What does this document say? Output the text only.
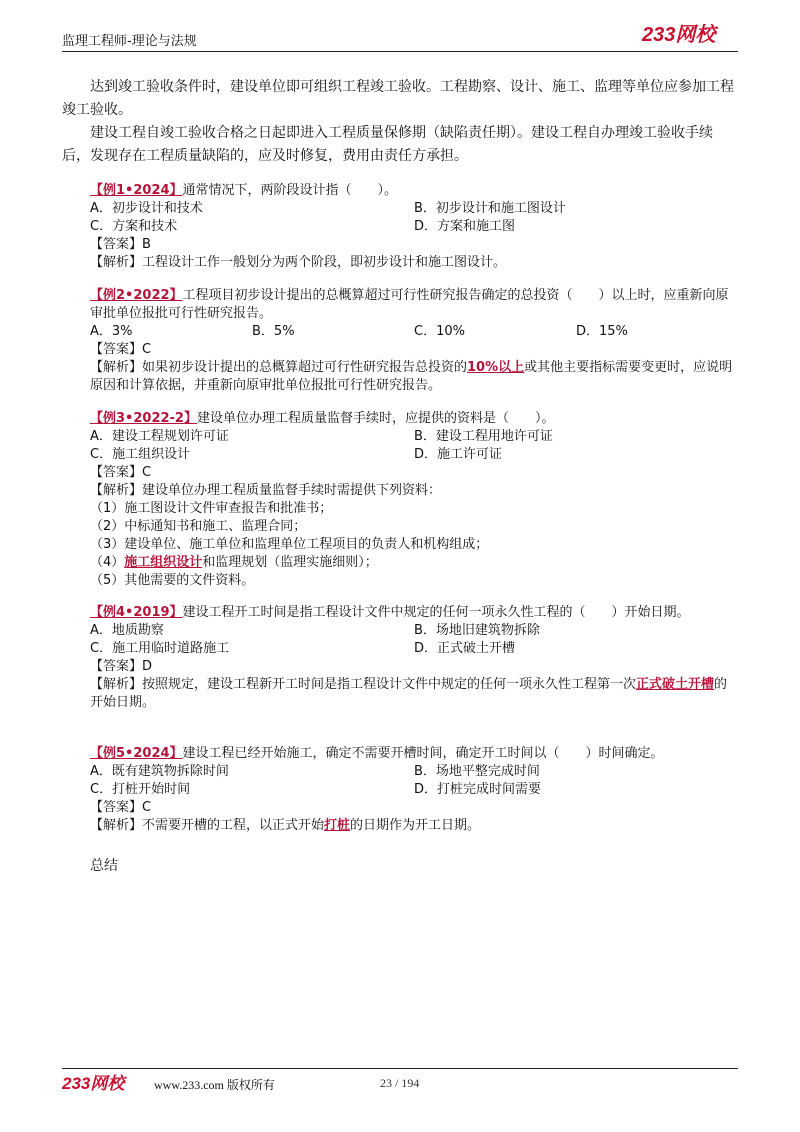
监理工程师-理论与法规	233网校
达到竣工验收条件时，建设单位即可组织工程竣工验收。工程勘察、设计、施工、监理等单位应参加工程竣工验收。
建设工程自竣工验收合格之日起即进入工程质量保修期（缺陷责任期）。建设工程自办理竣工验收手续后，发现存在工程质量缺陷的，应及时修复，费用由责任方承担。
【例1•2024】通常情况下，两阶段设计指（　　）。
A．初步设计和技术	B．初步设计和施工图设计
C．方案和技术	D．方案和施工图
【答案】B
【解析】工程设计工作一般划分为两个阶段，即初步设计和施工图设计。
【例2•2022】工程项目初步设计提出的总概算超过可行性研究报告确定的总投资（　　）以上时，应重新向原审批单位报批可行性研究报告。
A．3%	B．5%	C．10%	D．15%
【答案】C
【解析】如果初步设计提出的总概算超过可行性研究报告总投资的10%以上或其他主要指标需要变更时，应说明原因和计算依据，并重新向原审批单位报批可行性研究报告。
【例3•2022-2】建设单位办理工程质量监督手续时，应提供的资料是（　　）。
A．建设工程规划许可证	B．建设工程用地许可证
C．施工组织设计	D．施工许可证
【答案】C
【解析】建设单位办理工程质量监督手续时需提供下列资料：
（1）施工图设计文件审查报告和批准书；
（2）中标通知书和施工、监理合同；
（3）建设单位、施工单位和监理单位工程项目的负责人和机构组成；
（4）施工组织设计和监理规划（监理实施细则）；
（5）其他需要的文件资料。
【例4•2019】建设工程开工时间是指工程设计文件中规定的任何一项永久性工程的（　　）开始日期。
A．地质勘察	B．场地旧建筑物拆除
C．施工用临时道路施工	D．正式破土开槽
【答案】D
【解析】按照规定，建设工程新开工时间是指工程设计文件中规定的任何一项永久性工程第一次正式破土开槽的开始日期。
【例5•2024】建设工程已经开始施工，确定不需要开槽时间，确定开工时间以（　　）时间确定。
A．既有建筑物拆除时间	B．场地平整完成时间
C．打桩开始时间	D．打桩完成时间需要
【答案】C
【解析】不需要开槽的工程，以正式开始打桩的日期作为开工日期。
总结
233网校 www.233.com 版权所有	23 / 194
